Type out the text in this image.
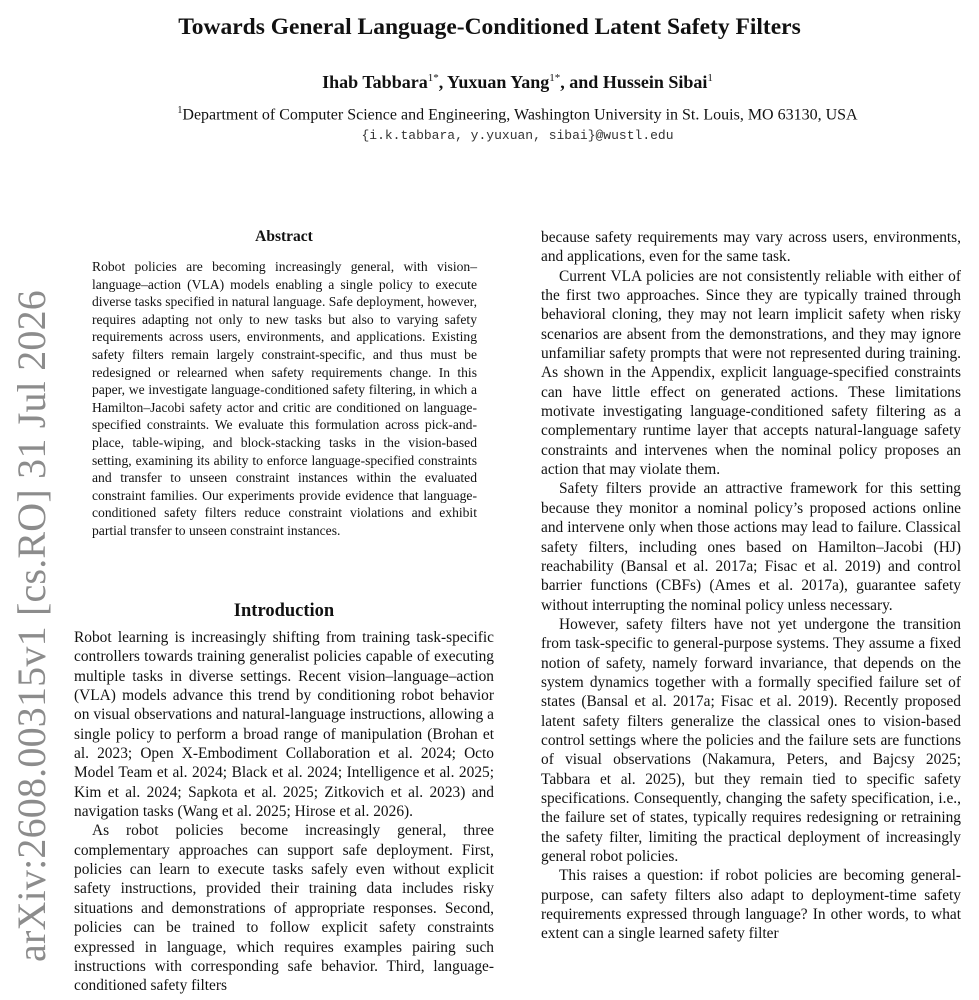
arXiv:2608.00315v1 [cs.RO] 31 Jul 2026
Towards General Language-Conditioned Latent Safety Filters
Ihab Tabbara$^{1*}$, Yuxuan Yang$^{1*}$, and Hussein Sibai$^1$
$^1$Department of Computer Science and Engineering, Washington University in St. Louis, MO 63130, USA
{i.k.tabbara, y.yuxuan, sibai}@wustl.edu
Abstract

Robot policies are becoming increasingly general, with vision–language–action (VLA) models enabling a single policy to execute diverse tasks specified in natural language. Safe deployment, however, requires adapting not only to new tasks but also to varying safety requirements across users, environments, and applications. Existing safety filters remain largely constraint-specific, and thus must be redesigned or relearned when safety requirements change. In this paper, we investigate language-conditioned safety filtering, in which a Hamilton–Jacobi safety actor and critic are conditioned on language-specified constraints. We evaluate this formulation across pick-and-place, table-wiping, and block-stacking tasks in the vision-based setting, examining its ability to enforce language-specified constraints and transfer to unseen constraint instances within the evaluated constraint families. Our experiments provide evidence that language-conditioned safety filters reduce constraint violations and exhibit partial transfer to unseen constraint instances.

Introduction

Robot learning is increasingly shifting from training task-specific controllers towards training generalist policies capable of executing multiple tasks in diverse settings. Recent vision–language–action (VLA) models advance this trend by conditioning robot behavior on visual observations and natural-language instructions, allowing a single policy to perform a broad range of manipulation (Brohan et al. 2023; Open X-Embodiment Collaboration et al. 2024; Octo Model Team et al. 2024; Black et al. 2024; Intelligence et al. 2025; Kim et al. 2024; Sapkota et al. 2025; Zitkovich et al. 2023) and navigation tasks (Wang et al. 2025; Hirose et al. 2026).

As robot policies become increasingly general, three complementary approaches can support safe deployment. First, policies can learn to execute tasks safely even without explicit safety instructions, provided their training data includes risky situations and demonstrations of appropriate responses. Second, policies can be trained to follow explicit safety constraints expressed in language, which requires examples pairing such instructions with corresponding safe behavior. Third, language-conditioned safety filters

because safety requirements may vary across users, environments, and applications, even for the same task.

Current VLA policies are not consistently reliable with either of the first two approaches. Since they are typically trained through behavioral cloning, they may not learn implicit safety when risky scenarios are absent from the demonstrations, and they may ignore unfamiliar safety prompts that were not represented during training. As shown in the Appendix, explicit language-specified constraints can have little effect on generated actions. These limitations motivate investigating language-conditioned safety filtering as a complementary runtime layer that accepts natural-language safety constraints and intervenes when the nominal policy proposes an action that may violate them.

Safety filters provide an attractive framework for this setting because they monitor a nominal policy’s proposed actions online and intervene only when those actions may lead to failure. Classical safety filters, including ones based on Hamilton–Jacobi (HJ) reachability (Bansal et al. 2017a; Fisac et al. 2019) and control barrier functions (CBFs) (Ames et al. 2017a), guarantee safety without interrupting the nominal policy unless necessary.

However, safety filters have not yet undergone the transition from task-specific to general-purpose systems. They assume a fixed notion of safety, namely forward invariance, that depends on the system dynamics together with a formally specified failure set of states (Bansal et al. 2017a; Fisac et al. 2019). Recently proposed latent safety filters generalize the classical ones to vision-based control settings where the policies and the failure sets are functions of visual observations (Nakamura, Peters, and Bajcsy 2025; Tabbara et al. 2025), but they remain tied to specific safety specifications. Consequently, changing the safety specification, i.e., the failure set of states, typically requires redesigning or retraining the safety filter, limiting the practical deployment of increasingly general robot policies.

This raises a question: if robot policies are becoming general-purpose, can safety filters also adapt to deployment-time safety requirements expressed through language? In other words, to what extent can a single learned safety filter
